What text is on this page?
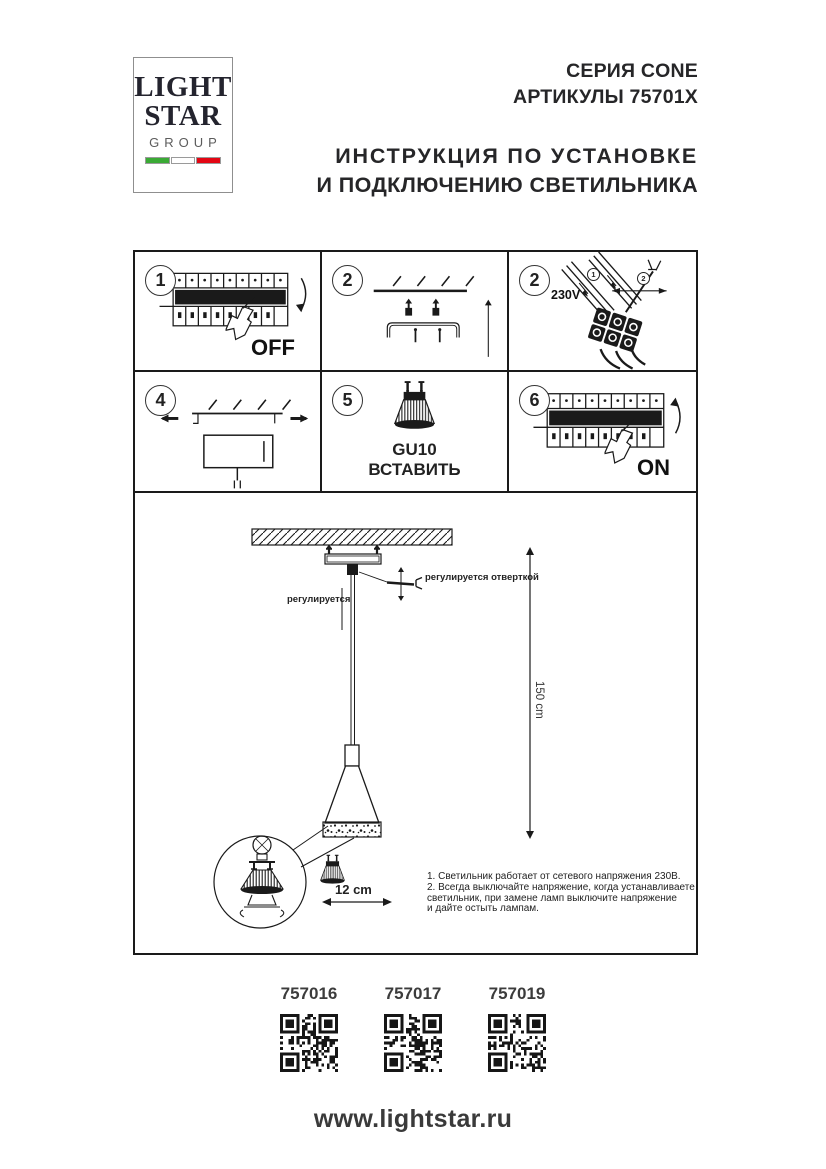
LIGHT
STAR
GROUP
СЕРИЯ CONE
АРТИКУЛЫ 75701X
ИНСТРУКЦИЯ ПО УСТАНОВКЕ
И ПОДКЛЮЧЕНИЮ СВЕТИЛЬНИКА
1
OFF
2	2
230V
1	2
4	5
GU10
ВСТАВИТЬ
6
ON
регулируется отверткой
регулируется
150 cm
12 cm
1. Светильник работает от сетевого напряжения 230В.
2. Всегда выключайте напряжение, когда устанавливаете
светильник, при замене ламп выключите напряжение
и дайте остыть лампам.
757016	757017	757019
www.lightstar.ru
